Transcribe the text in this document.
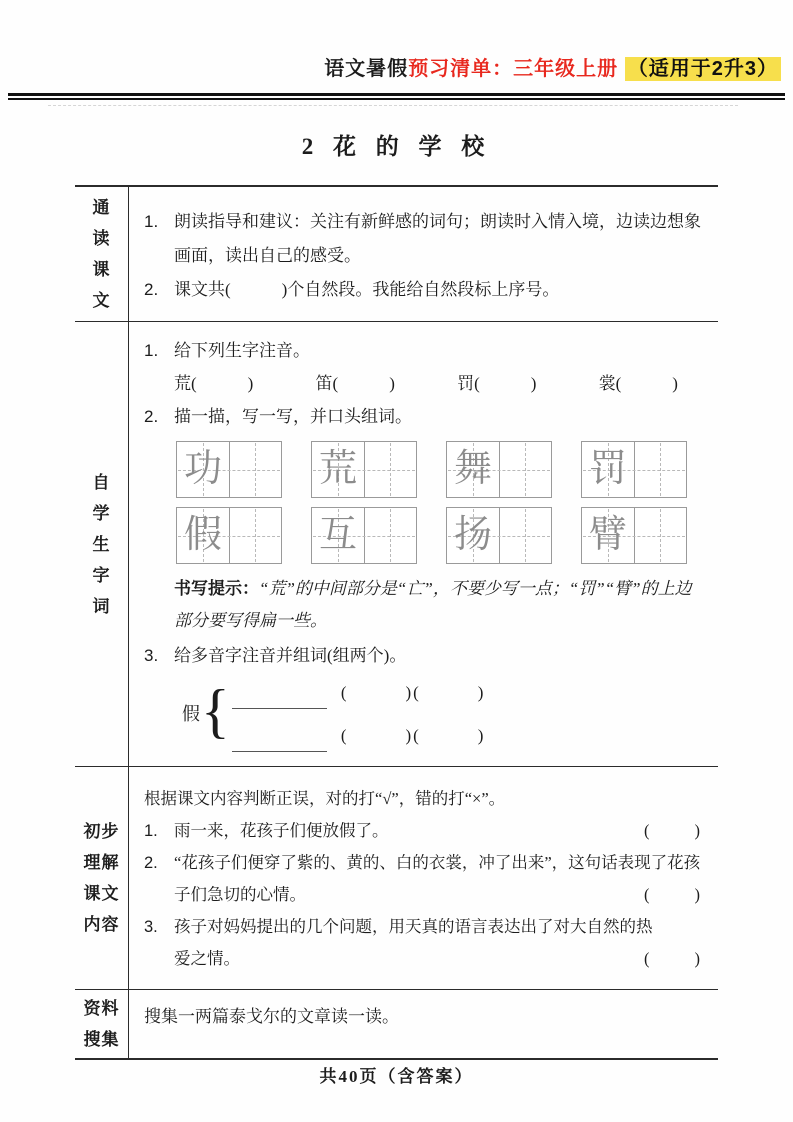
语文暑假预习清单：三年级上册 （适用于2升3）
2 花 的 学 校
通
读
课
文
1. 朗读指导和建议：关注有新鲜感的词句；朗读时入情入境，边读边想象画面，读出自己的感受。
2. 课文共(　　　)个自然段。我能给自然段标上序号。
自
学
生
字
词
1. 给下列生字注音。
荒(　　　)	笛(　　　)	罚(　　　)	裳(　　　)
2. 描一描，写一写，并口头组词。
功	荒	舞	罚
假	互	扬	臂
书写提示：“荒”的中间部分是“亡”，不要少写一点；“罚”“臂”的上边部分要写得扁一些。
3. 给多音字注音并组词(组两个)。
假 {	(　　　)(　　　)
(　　　)(　　　)
初步
理解
课文
内容
根据课文内容判断正误，对的打“√”，错的打“×”。
1. 雨一来，花孩子们便放假了。	(　　)
2. “花孩子们便穿了紫的、黄的、白的衣裳，冲了出来”，这句话表现了花孩
子们急切的心情。	(　　)
3. 孩子对妈妈提出的几个问题，用天真的语言表达出了对大自然的热
爱之情。	(　　)
资料
搜集
搜集一两篇泰戈尔的文章读一读。
共40页（含答案）
